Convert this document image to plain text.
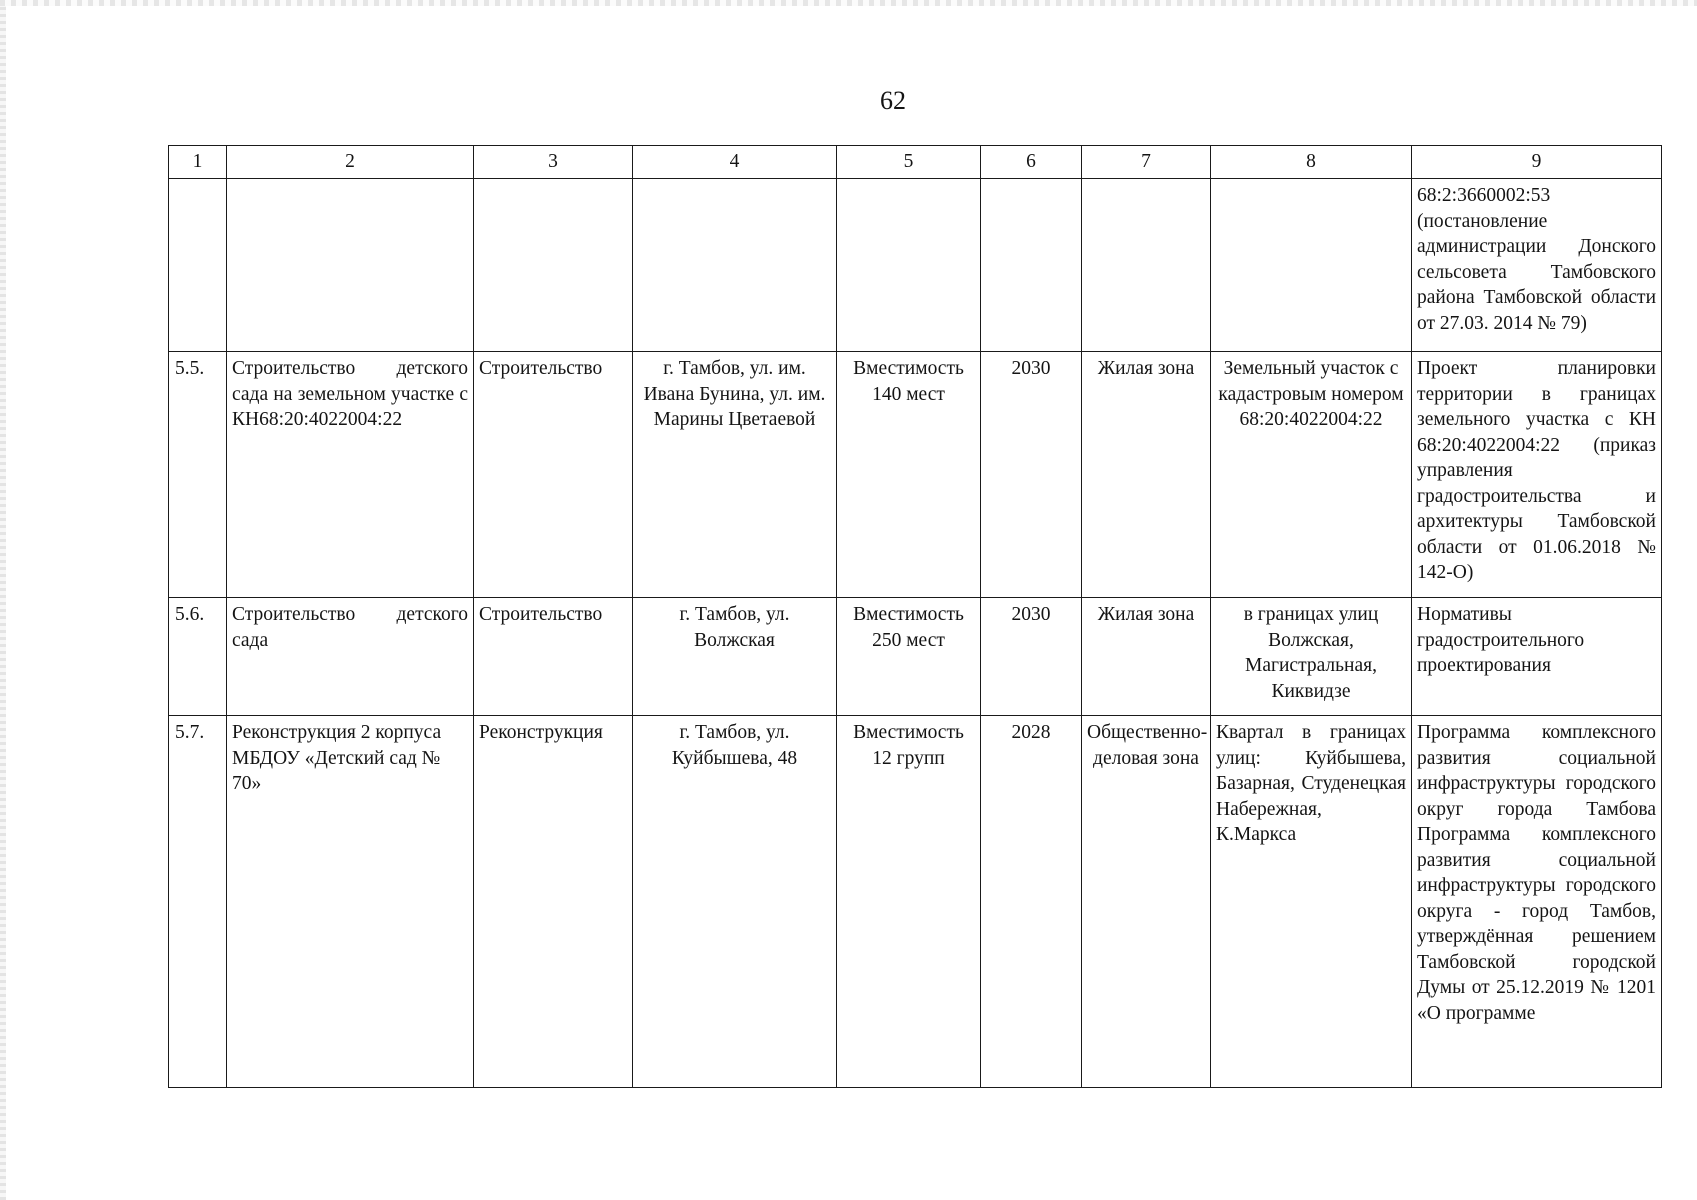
62
1	2	3	4	5	6	7	8	9
								68:2:3660002:53 (постановление администрации Донского сельсовета Тамбовского района Тамбовской области от 27.03. 2014 № 79)
5.5.	Строительство детского сада на земельном участке с КН68:20:4022004:22	Строительство	г. Тамбов, ул. им. Ивана Бунина, ул. им. Марины Цветаевой	Вместимость 140 мест	2030	Жилая зона	Земельный участок с кадастровым номером 68:20:4022004:22	Проект планировки территории в границах земельного участка с КН 68:20:4022004:22 (приказ управления градостроительства и архитектуры Тамбовской области от 01.06.2018 № 142-О)
5.6.	Строительство детского сада	Строительство	г. Тамбов, ул. Волжская	Вместимость 250 мест	2030	Жилая зона	в границах улиц Волжская, Магистральная, Киквидзе	Нормативы градостроительного проектирования
5.7.	Реконструкция 2 корпуса МБДОУ «Детский сад № 70»	Реконструкция	г. Тамбов, ул. Куйбышева, 48	Вместимость 12 групп	2028	Общественно-деловая зона	Квартал в границах улиц: Куйбышева, Базарная, Студенецкая Набережная, К.Маркса	Программа комплексного развития социальной инфраструктуры городского округ города Тамбова Программа комплексного развития социальной инфраструктуры городского округа - город Тамбов, утверждённая решением Тамбовской городской Думы от 25.12.2019 № 1201 «О программе
